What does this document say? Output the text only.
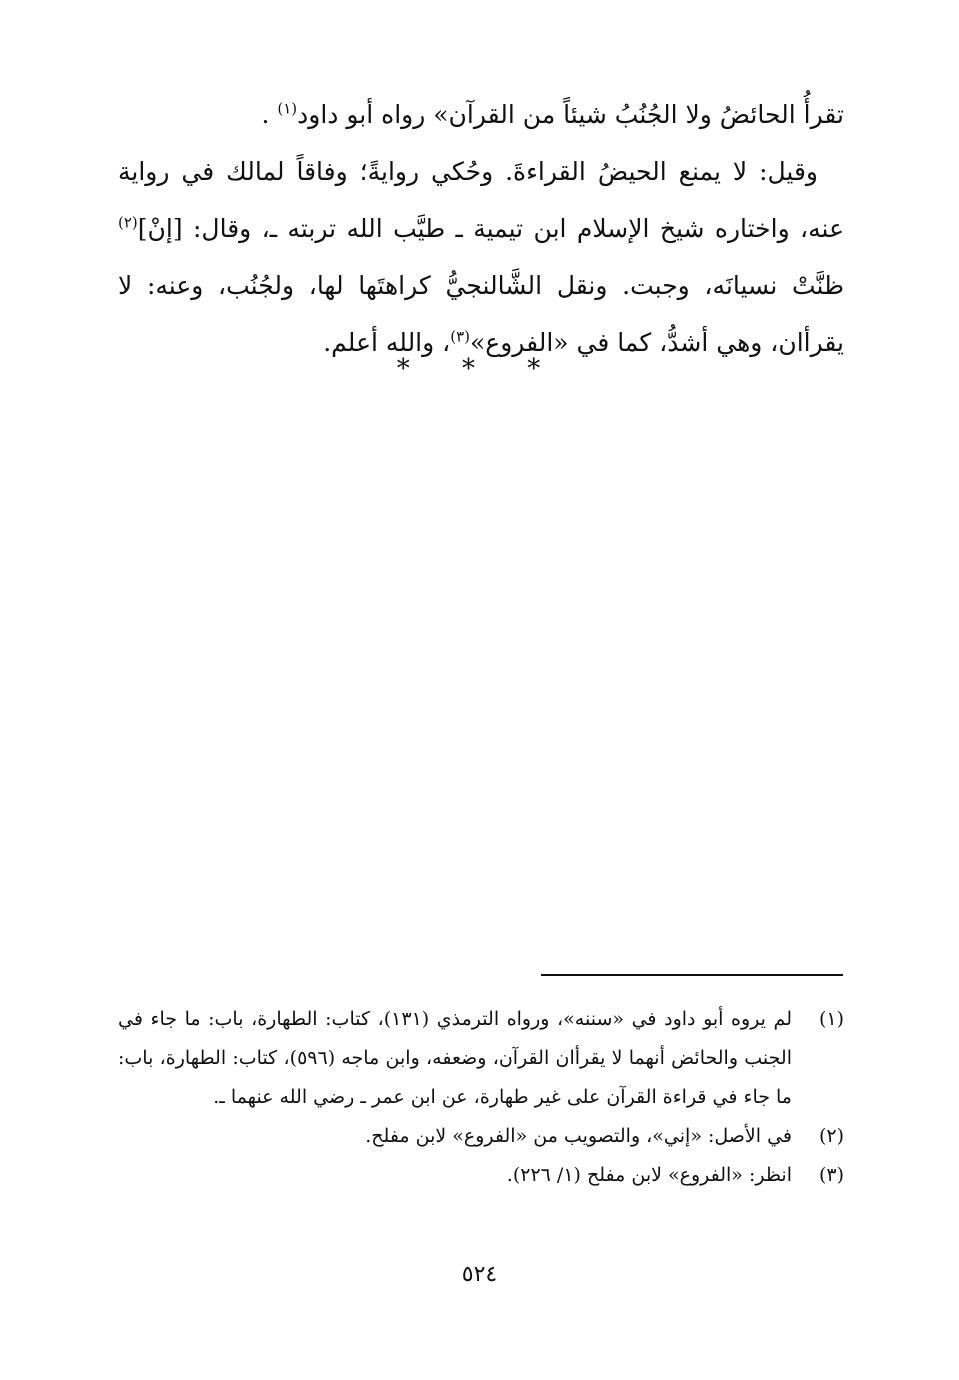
تقرأُ الحائضُ ولا الجُنُبُ شيئاً من القرآن» رواه أبو داود$^{(١)}$ .

وقيل: لا يمنع الحيضُ القراءةَ. وحُكي روايةً؛ وفاقاً لمالك في رواية عنه، واختاره شيخ الإسلام ابن تيمية ـ طيَّب الله تربته ـ، وقال: [إنْ]$^{(٢)}$ ظنَّتْ نسيانَه، وجبت. ونقل الشَّالنجيُّ كراهتَها لها، ولجُنُب، وعنه: لا يقرأان، وهي أشدُّ، كما في «الفروع»$^{(٣)}$، والله أعلم.

* * *
(١)
لم يروه أبو داود في «سننه»، ورواه الترمذي (١٣١)، كتاب: الطهارة، باب: ما جاء في الجنب والحائض أنهما لا يقرأان القرآن، وضعفه، وابن ماجه (٥٩٦)، كتاب: الطهارة، باب: ما جاء في قراءة القرآن على غير طهارة، عن ابن عمر ـ رضي الله عنهما ـ.
(٢)
في الأصل: «إني»، والتصويب من «الفروع» لابن مفلح.
(٣)
انظر: «الفروع» لابن مفلح (١/ ٢٢٦).
٥٢٤
